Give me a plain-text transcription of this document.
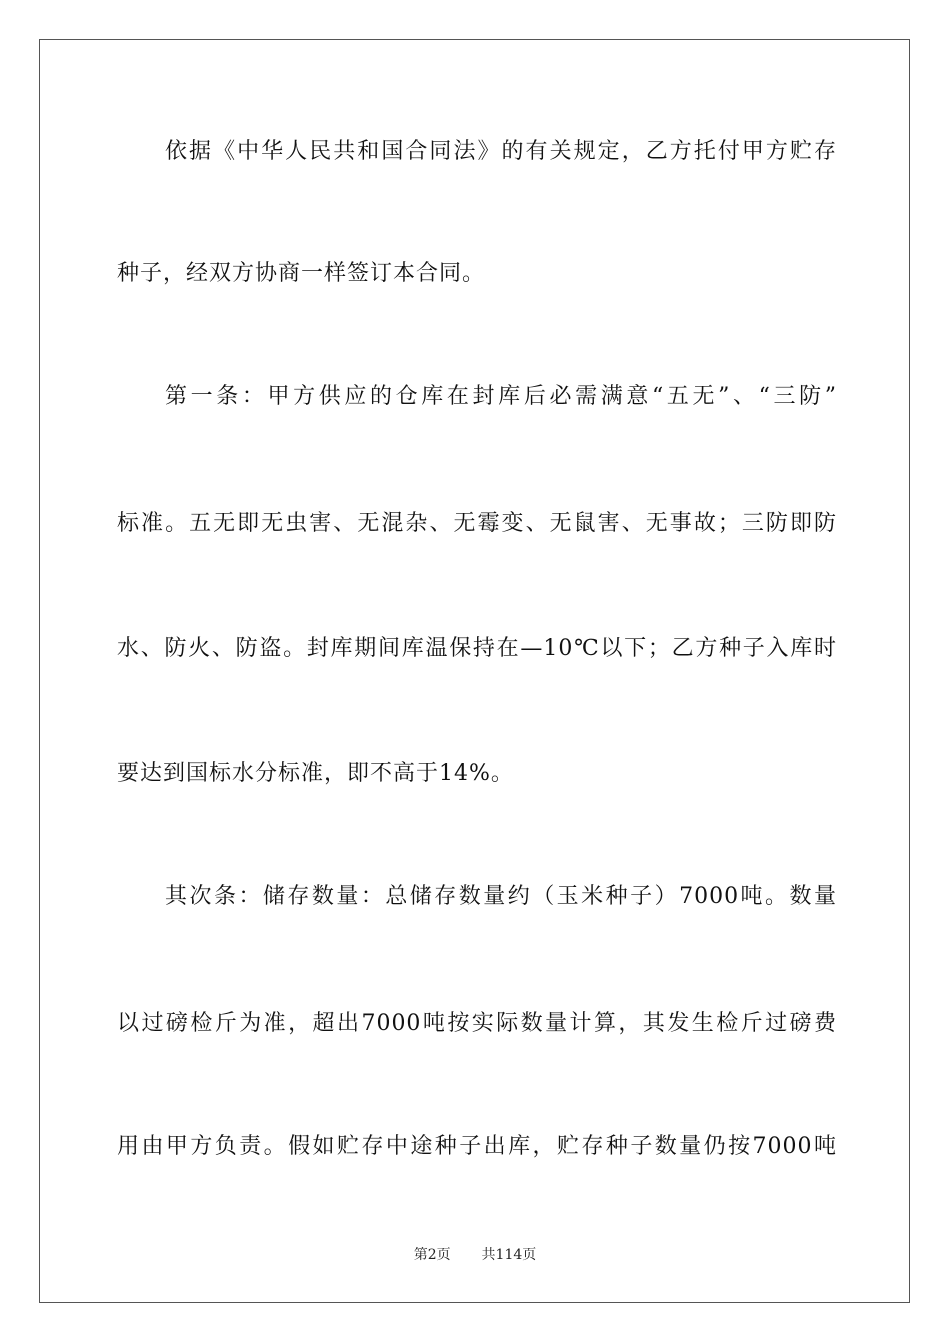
依据《中华人民共和国合同法》的有关规定，乙方托付甲方贮存
种子，经双方协商一样签订本合同。
第一条：甲方供应的仓库在封库后必需满意“五无”、“三防”
标准。五无即无虫害、无混杂、无霉变、无鼠害、无事故；三防即防
水、防火、防盗。封库期间库温保持在—10℃以下；乙方种子入库时
要达到国标水分标准，即不高于14%。
其次条：储存数量：总储存数量约（玉米种子）7000吨。数量
以过磅检斤为准，超出7000吨按实际数量计算，其发生检斤过磅费
用由甲方负责。假如贮存中途种子出库，贮存种子数量仍按7000吨
第2页 共114页
